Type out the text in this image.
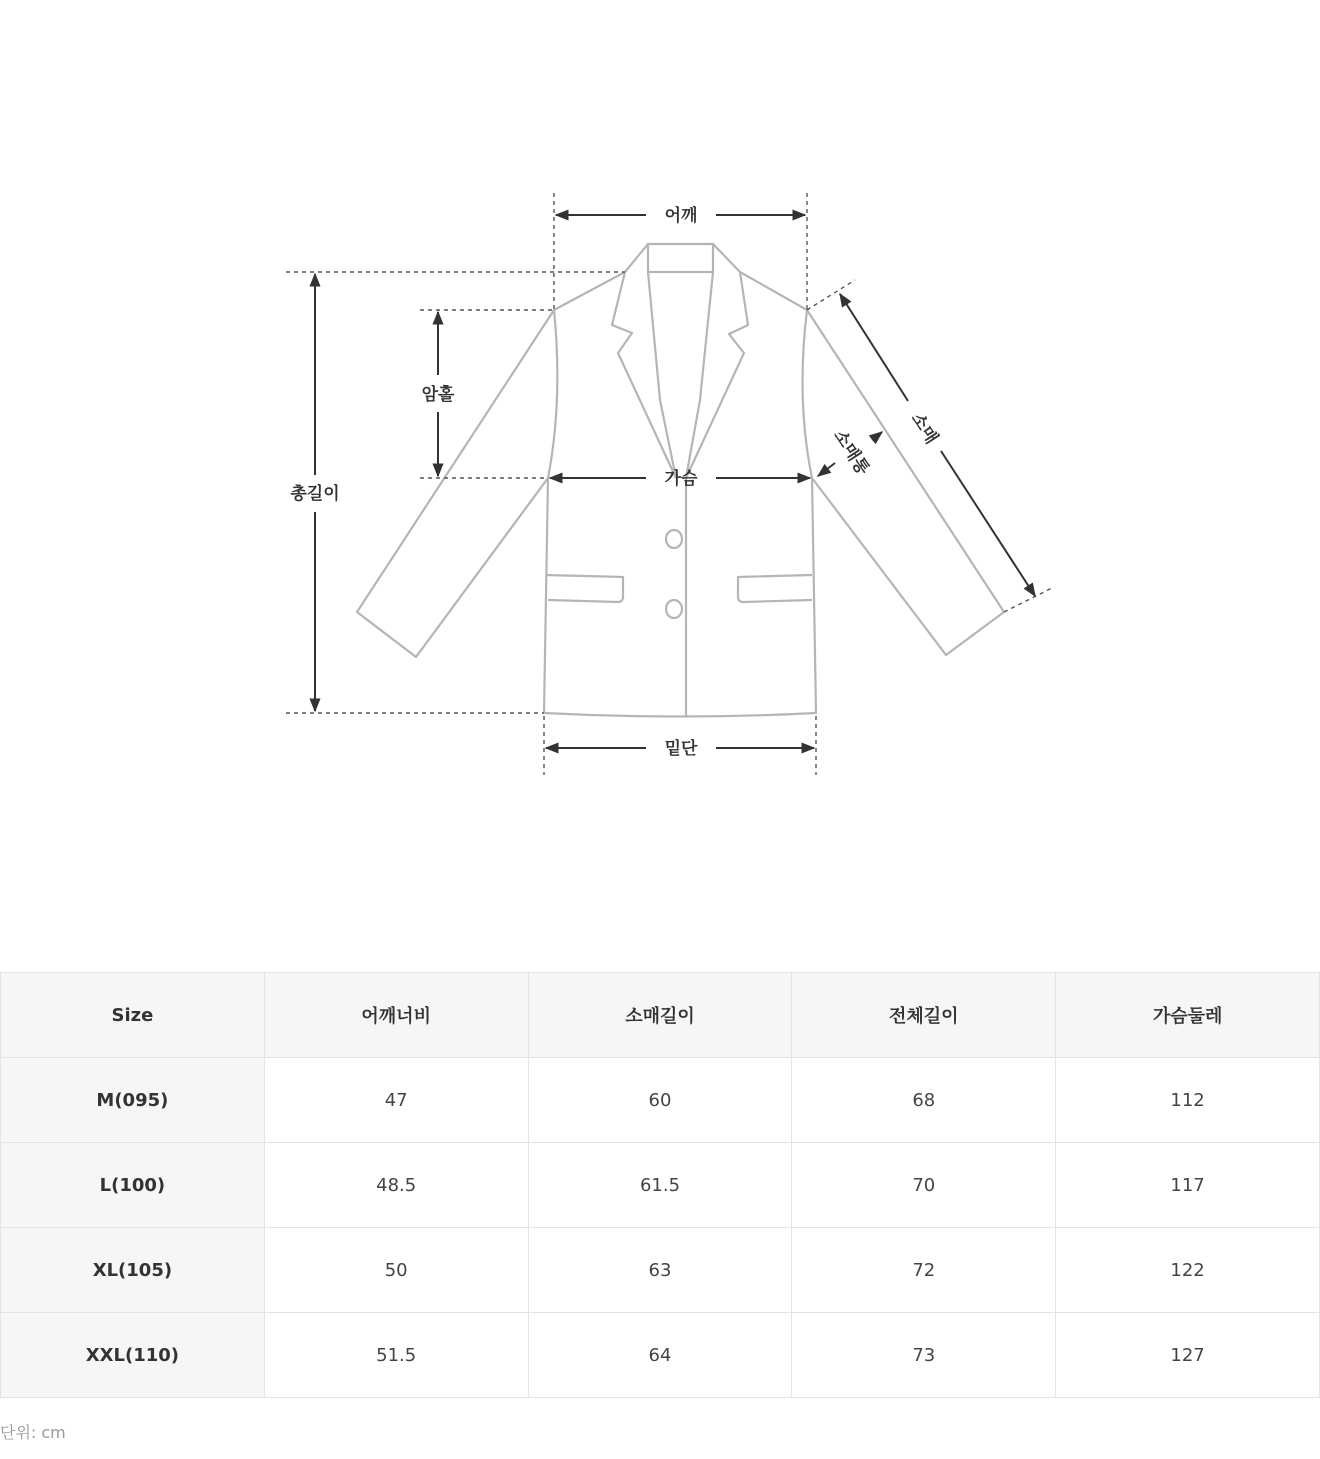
어깨
암홀
총길이
가슴
밑단
소매
소매통
Size	어깨너비	소매길이	전체길이	가슴둘레
M(095)	47	60	68	112
L(100)	48.5	61.5	70	117
XL(105)	50	63	72	122
XXL(110)	51.5	64	73	127
단위: cm
